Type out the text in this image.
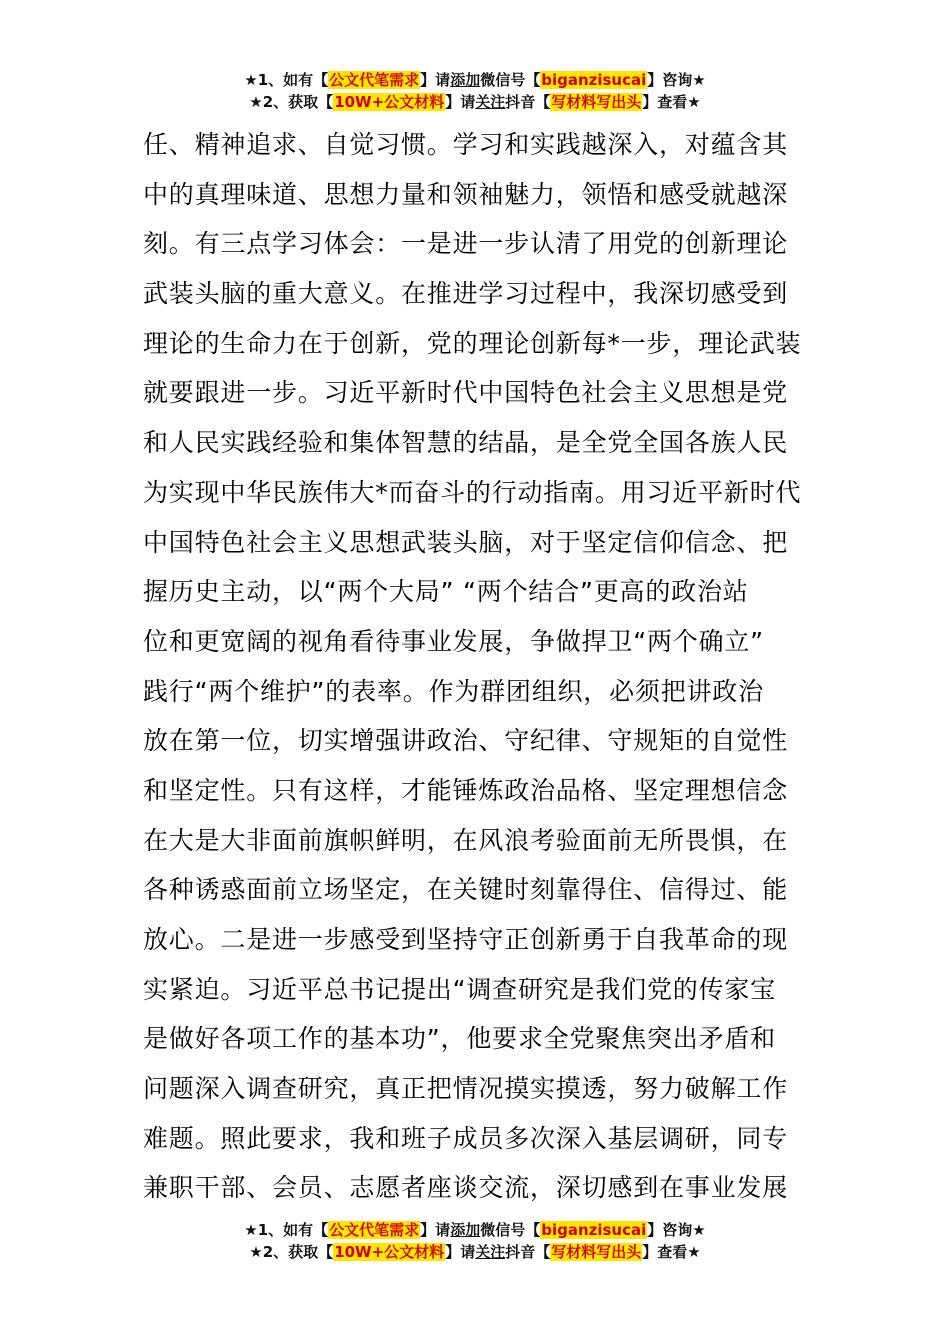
★1、如有【公文代笔需求】请添加微信号【biganzisucai】咨询★
★2、获取【10W+公文材料】请关注抖音【写材料写出头】查看★
任、精神追求、自觉习惯。学习和实践越深入，对蕴含其
中的真理味道、思想力量和领袖魅力，领悟和感受就越深
刻。有三点学习体会：一是进一步认清了用党的创新理论
武装头脑的重大意义。在推进学习过程中，我深切感受到
理论的生命力在于创新，党的理论创新每*一步，理论武装
就要跟进一步。习近平新时代中国特色社会主义思想是党
和人民实践经验和集体智慧的结晶，是全党全国各族人民
为实现中华民族伟大*而奋斗的行动指南。用习近平新时代
中国特色社会主义思想武装头脑，对于坚定信仰信念、把
握历史主动，以“两个大局” “两个结合”更高的政治站
位和更宽阔的视角看待事业发展，争做捍卫“两个确立”
践行“两个维护”的表率。作为群团组织，必须把讲政治
放在第一位，切实增强讲政治、守纪律、守规矩的自觉性
和坚定性。只有这样，才能锤炼政治品格、坚定理想信念
在大是大非面前旗帜鲜明，在风浪考验面前无所畏惧，在
各种诱惑面前立场坚定，在关键时刻靠得住、信得过、能
放心。二是进一步感受到坚持守正创新勇于自我革命的现
实紧迫。习近平总书记提出“调查研究是我们党的传家宝
是做好各项工作的基本功”，他要求全党聚焦突出矛盾和
问题深入调查研究，真正把情况摸实摸透，努力破解工作
难题。照此要求，我和班子成员多次深入基层调研，同专
兼职干部、会员、志愿者座谈交流，深切感到在事业发展
★1、如有【公文代笔需求】请添加微信号【biganzisucai】咨询★
★2、获取【10W+公文材料】请关注抖音【写材料写出头】查看★
